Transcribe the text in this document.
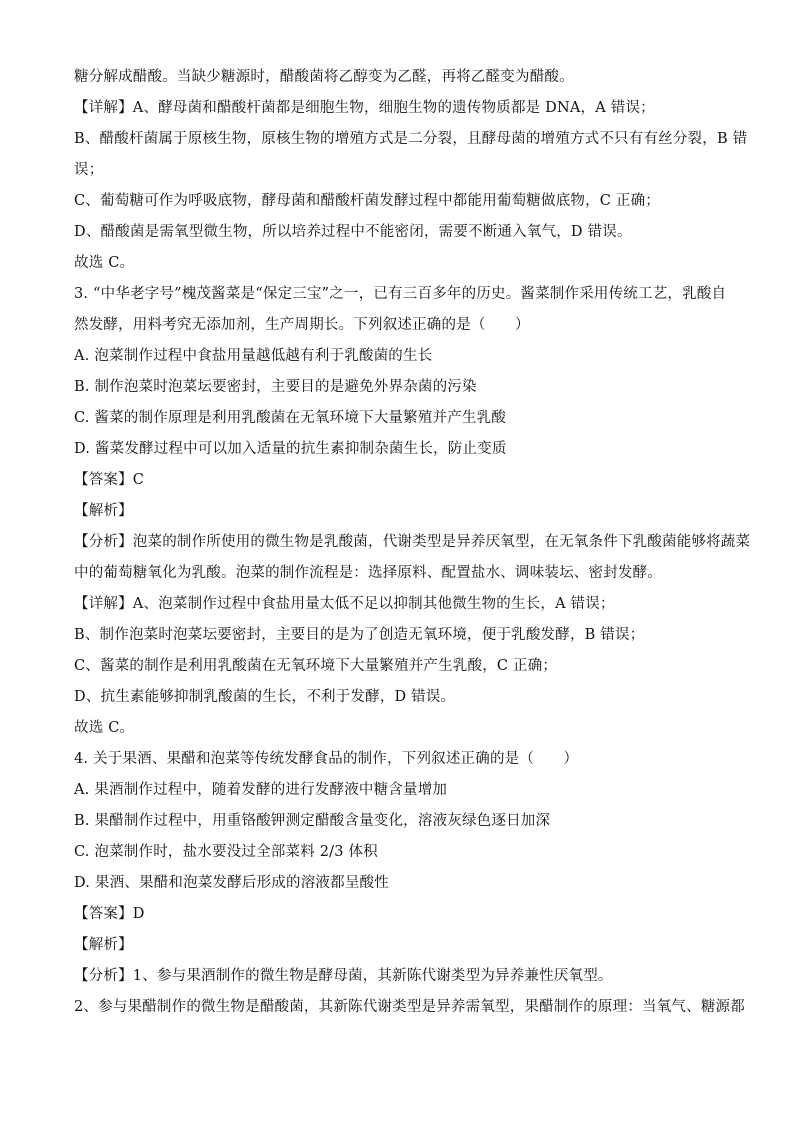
糖分解成醋酸。当缺少糖源时，醋酸菌将乙醇变为乙醛，再将乙醛变为醋酸。
【详解】A、酵母菌和醋酸杆菌都是细胞生物，细胞生物的遗传物质都是 DNA，A 错误；
B、醋酸杆菌属于原核生物，原核生物的增殖方式是二分裂，且酵母菌的增殖方式不只有有丝分裂，B 错
误；
C、葡萄糖可作为呼吸底物，酵母菌和醋酸杆菌发酵过程中都能用葡萄糖做底物，C 正确；
D、醋酸菌是需氧型微生物，所以培养过程中不能密闭，需要不断通入氧气，D 错误。
故选 C。
3. “中华老字号”槐茂酱菜是“保定三宝”之一，已有三百多年的历史。酱菜制作采用传统工艺，乳酸自
然发酵，用料考究无添加剂，生产周期长。下列叙述正确的是（　　）
A. 泡菜制作过程中食盐用量越低越有利于乳酸菌的生长
B. 制作泡菜时泡菜坛要密封，主要目的是避免外界杂菌的污染
C. 酱菜的制作原理是利用乳酸菌在无氧环境下大量繁殖并产生乳酸
D. 酱菜发酵过程中可以加入适量的抗生素抑制杂菌生长，防止变质
【答案】C
【解析】
【分析】泡菜的制作所使用的微生物是乳酸菌，代谢类型是异养厌氧型，在无氧条件下乳酸菌能够将蔬菜
中的葡萄糖氧化为乳酸。泡菜的制作流程是：选择原料、配置盐水、调味装坛、密封发酵。
【详解】A、泡菜制作过程中食盐用量太低不足以抑制其他微生物的生长，A 错误；
B、制作泡菜时泡菜坛要密封，主要目的是为了创造无氧环境，便于乳酸发酵，B 错误；
C、酱菜的制作是利用乳酸菌在无氧环境下大量繁殖并产生乳酸，C 正确；
D、抗生素能够抑制乳酸菌的生长，不利于发酵，D 错误。
故选 C。
4. 关于果酒、果醋和泡菜等传统发酵食品的制作，下列叙述正确的是（　　）
A. 果酒制作过程中，随着发酵的进行发酵液中糖含量增加
B. 果醋制作过程中，用重铬酸钾测定醋酸含量变化，溶液灰绿色逐日加深
C. 泡菜制作时，盐水要没过全部菜料 2/3 体积
D. 果酒、果醋和泡菜发酵后形成的溶液都呈酸性
【答案】D
【解析】
【分析】1、参与果酒制作的微生物是酵母菌，其新陈代谢类型为异养兼性厌氧型。
2、参与果醋制作的微生物是醋酸菌，其新陈代谢类型是异养需氧型，果醋制作的原理：当氧气、糖源都
